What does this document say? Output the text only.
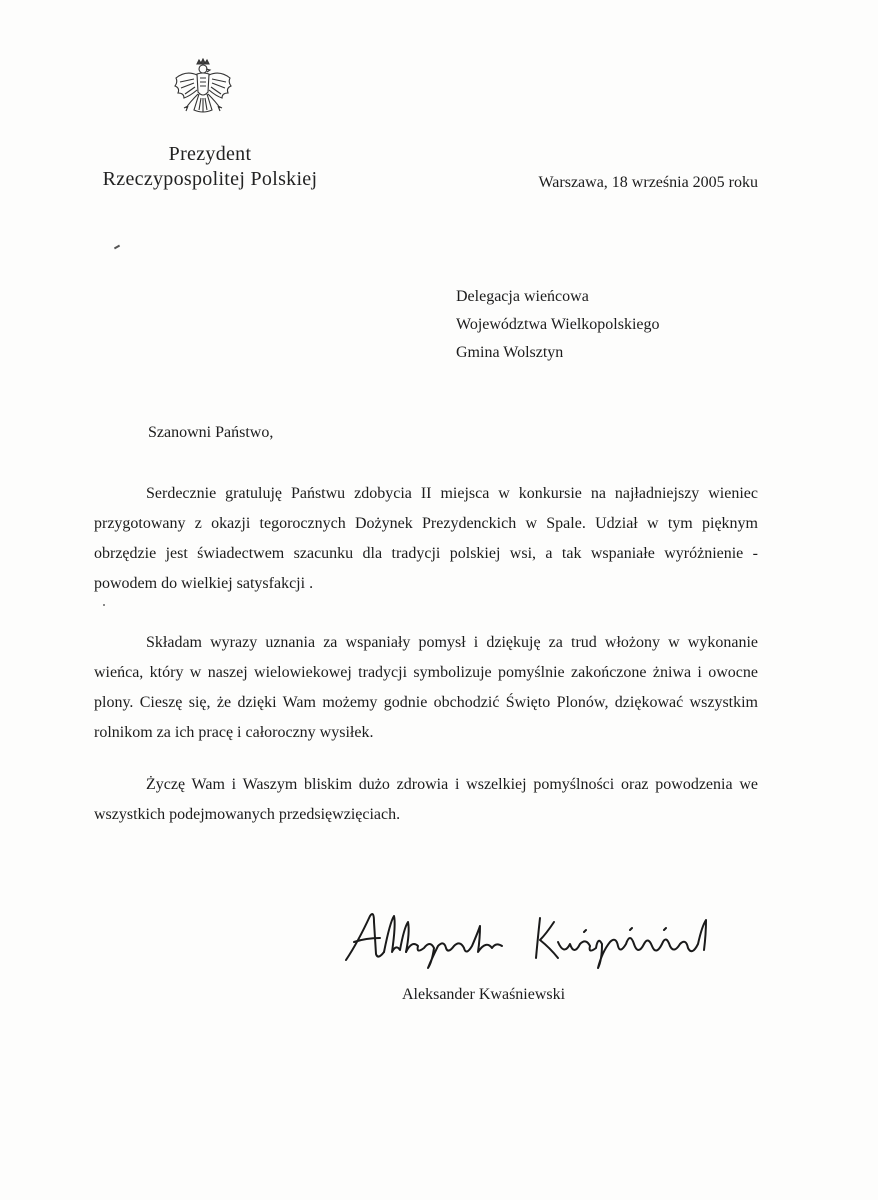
Prezydent
Rzeczypospolitej Polskiej	Warszawa, 18 września 2005 roku
Delegacja wieńcowa
Województwa Wielkopolskiego
Gmina Wolsztyn
Szanowni Państwo,
Serdecznie gratuluję Państwu zdobycia II miejsca w konkursie na najładniejszy wieniec przygotowany z okazji tegorocznych Dożynek Prezydenckich w Spale. Udział w tym pięknym obrzędzie jest świadectwem szacunku dla tradycji polskiej wsi, a tak wspaniałe wyróżnienie - powodem do wielkiej satysfakcji .
Składam wyrazy uznania za wspaniały pomysł i dziękuję za trud włożony w wykonanie wieńca, który w naszej wielowiekowej tradycji symbolizuje pomyślnie zakończone żniwa i owocne plony. Cieszę się, że dzięki Wam możemy godnie obchodzić Święto Plonów, dziękować wszystkim rolnikom za ich pracę i całoroczny wysiłek.
Życzę Wam i Waszym bliskim dużo zdrowia i wszelkiej pomyślności oraz powodzenia we wszystkich podejmowanych przedsięwzięciach.
Aleksander Kwaśniewski
